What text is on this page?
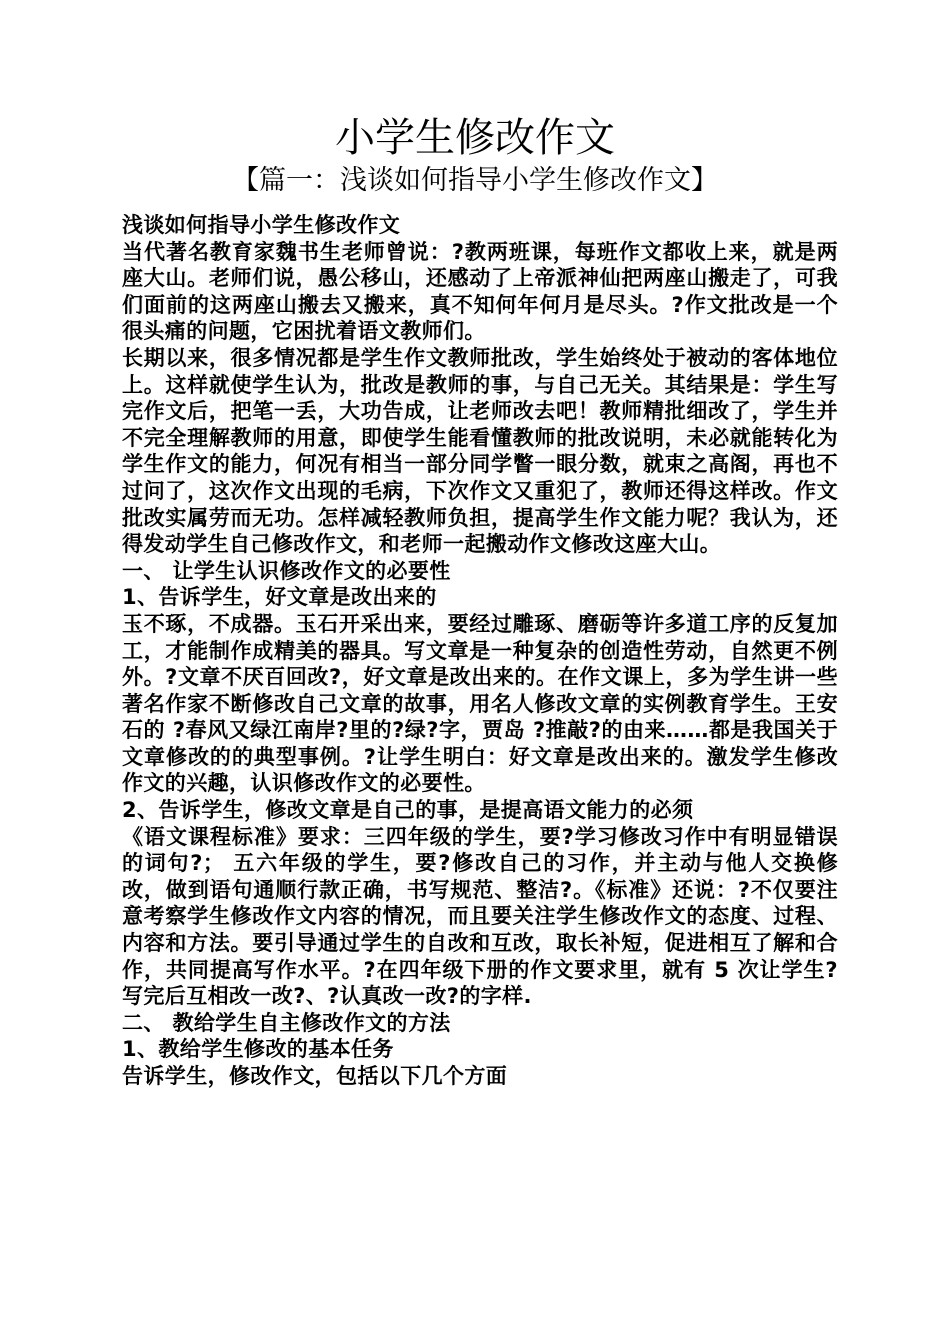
小学生修改作文
【篇一：浅谈如何指导小学生修改作文】

浅谈如何指导小学生修改作文

当代著名教育家魏书生老师曾说：?教两班课，每班作文都收上来，就是两座大山。老师们说，愚公移山，还感动了上帝派神仙把两座山搬走了，可我们面前的这两座山搬去又搬来，真不知何年何月是尽头。?作文批改是一个很头痛的问题，它困扰着语文教师们。

长期以来，很多情况都是学生作文教师批改，学生始终处于被动的客体地位上。这样就使学生认为，批改是教师的事，与自己无关。其结果是：学生写完作文后，把笔一丢，大功告成，让老师改去吧！教师精批细改了，学生并不完全理解教师的用意，即使学生能看懂教师的批改说明，未必就能转化为学生作文的能力，何况有相当一部分同学瞥一眼分数，就束之高阁，再也不过问了，这次作文出现的毛病，下次作文又重犯了，教师还得这样改。作文批改实属劳而无功。怎样减轻教师负担，提高学生作文能力呢？我认为，还得发动学生自己修改作文，和老师一起搬动作文修改这座大山。

一、 让学生认识修改作文的必要性

1、告诉学生，好文章是改出来的

玉不琢，不成器。玉石开采出来，要经过雕琢、磨砺等许多道工序的反复加工，才能制作成精美的器具。写文章是一种复杂的创造性劳动，自然更不例外。?文章不厌百回改?，好文章是改出来的。在作文课上，多为学生讲一些著名作家不断修改自己文章的故事，用名人修改文章的实例教育学生。王安石的 ?春风又绿江南岸?里的?绿?字，贾岛 ?推敲?的由来……都是我国关于文章修改的的典型事例。?让学生明白：好文章是改出来的。激发学生修改作文的兴趣，认识修改作文的必要性。

2、告诉学生，修改文章是自己的事，是提高语文能力的必须

《语文课程标准》要求：三四年级的学生，要?学习修改习作中有明显错误的词句?； 五六年级的学生，要?修改自己的习作，并主动与他人交换修改，做到语句通顺行款正确，书写规范、整洁?。《标准》还说：?不仅要注意考察学生修改作文内容的情况，而且要关注学生修改作文的态度、过程、内容和方法。要引导通过学生的自改和互改，取长补短，促进相互了解和合作，共同提高写作水平。?在四年级下册的作文要求里，就有 5 次让学生?写完后互相改一改?、?认真改一改?的字样.

二、 教给学生自主修改作文的方法

1、教给学生修改的基本任务

告诉学生，修改作文，包括以下几个方面
